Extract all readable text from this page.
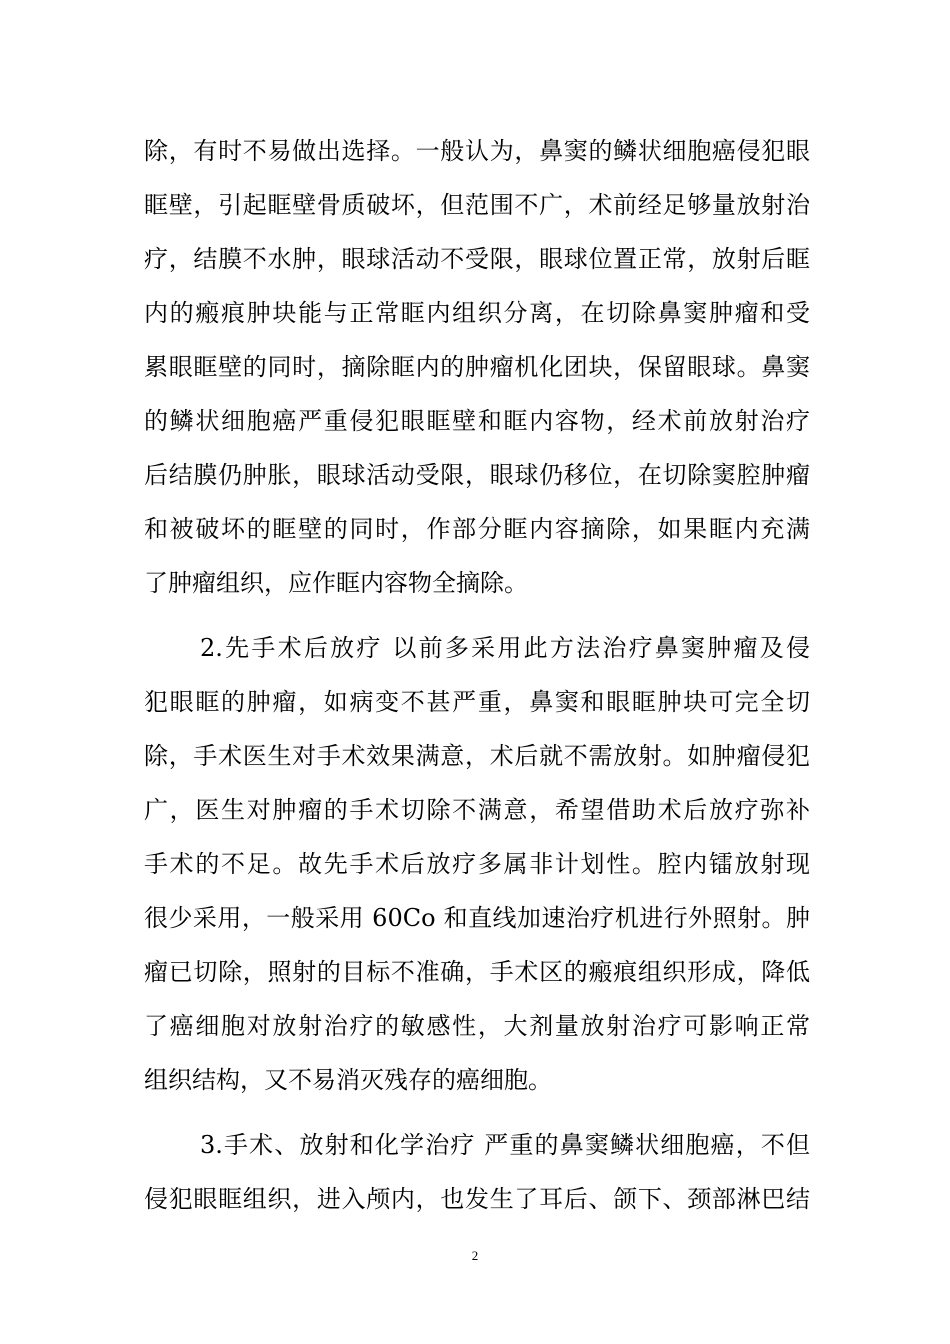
除，有时不易做出选择。一般认为，鼻窦的鳞状细胞癌侵犯眼
眶壁，引起眶壁骨质破坏，但范围不广，术前经足够量放射治
疗，结膜不水肿，眼球活动不受限，眼球位置正常，放射后眶
内的瘢痕肿块能与正常眶内组织分离，在切除鼻窦肿瘤和受
累眼眶壁的同时，摘除眶内的肿瘤机化团块，保留眼球。鼻窦
的鳞状细胞癌严重侵犯眼眶壁和眶内容物，经术前放射治疗
后结膜仍肿胀，眼球活动受限，眼球仍移位，在切除窦腔肿瘤
和被破坏的眶壁的同时，作部分眶内容摘除，如果眶内充满
了肿瘤组织，应作眶内容物全摘除。
2.先手术后放疗 以前多采用此方法治疗鼻窦肿瘤及侵
犯眼眶的肿瘤，如病变不甚严重，鼻窦和眼眶肿块可完全切
除，手术医生对手术效果满意，术后就不需放射。如肿瘤侵犯
广，医生对肿瘤的手术切除不满意，希望借助术后放疗弥补
手术的不足。故先手术后放疗多属非计划性。腔内镭放射现
很少采用，一般采用 60Co 和直线加速治疗机进行外照射。肿
瘤已切除，照射的目标不准确，手术区的瘢痕组织形成，降低
了癌细胞对放射治疗的敏感性，大剂量放射治疗可影响正常
组织结构，又不易消灭残存的癌细胞。
3.手术、放射和化学治疗 严重的鼻窦鳞状细胞癌，不但
侵犯眼眶组织，进入颅内，也发生了耳后、颌下、颈部淋巴结
2
